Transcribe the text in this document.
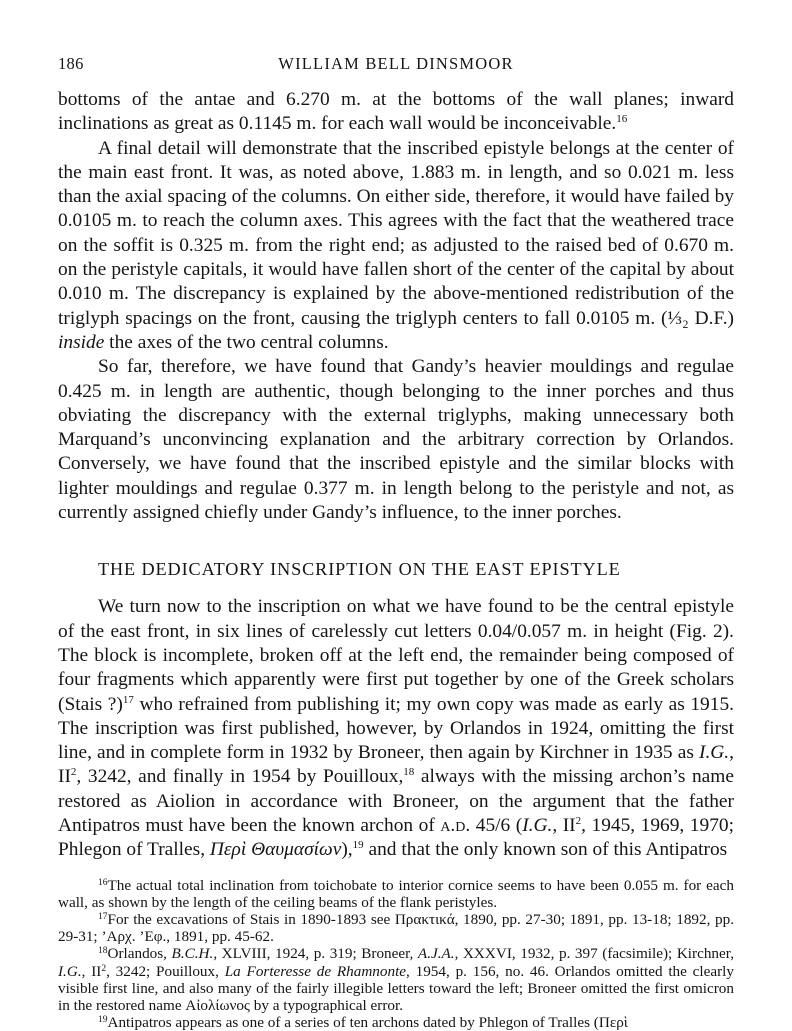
186	WILLIAM BELL DINSMOOR

bottoms of the antae and 6.270 m. at the bottoms of the wall planes; inward inclinations as great as 0.1145 m. for each wall would be inconceivable.$^{16}$

A final detail will demonstrate that the inscribed epistyle belongs at the center of the main east front. It was, as noted above, 1.883 m. in length, and so 0.021 m. less than the axial spacing of the columns. On either side, therefore, it would have failed by 0.0105 m. to reach the column axes. This agrees with the fact that the weathered trace on the soffit is 0.325 m. from the right end; as adjusted to the raised bed of 0.670 m. on the peristyle capitals, it would have fallen short of the center of the capital by about 0.010 m. The discrepancy is explained by the above-mentioned redistribution of the triglyph spacings on the front, causing the triglyph centers to fall 0.0105 m. (⅓₂ D.F.) inside the axes of the two central columns.

So far, therefore, we have found that Gandy’s heavier mouldings and regulae 0.425 m. in length are authentic, though belonging to the inner porches and thus obviating the discrepancy with the external triglyphs, making unnecessary both Marquand’s unconvincing explanation and the arbitrary correction by Orlandos. Conversely, we have found that the inscribed epistyle and the similar blocks with lighter mouldings and regulae 0.377 m. in length belong to the peristyle and not, as currently assigned chiefly under Gandy’s influence, to the inner porches.

THE DEDICATORY INSCRIPTION ON THE EAST EPISTYLE

We turn now to the inscription on what we have found to be the central epistyle of the east front, in six lines of carelessly cut letters 0.04/0.057 m. in height (Fig. 2). The block is incomplete, broken off at the left end, the remainder being composed of four fragments which apparently were first put together by one of the Greek scholars (Stais ?)$^{17}$ who refrained from publishing it; my own copy was made as early as 1915. The inscription was first published, however, by Orlandos in 1924, omitting the first line, and in complete form in 1932 by Broneer, then again by Kirchner in 1935 as I.G., $II^2$, 3242, and finally in 1954 by Pouilloux,$^{18}$ always with the missing archon’s name restored as Aiolion in accordance with Broneer, on the argument that the father Antipatros must have been the known archon of a.d. 45/6 (I.G., $II^2$, 1945, 1969, 1970; Phlegon of Tralles, Περὶ Θαυμασίων),$^{19}$ and that the only known son of this Antipatros

$^{16}$The actual total inclination from toichobate to interior cornice seems to have been 0.055 m. for each wall, as shown by the length of the ceiling beams of the flank peristyles.

$^{17}$For the excavations of Stais in 1890-1893 see Πρακτικά, 1890, pp. 27-30; 1891, pp. 13-18; 1892, pp. 29-31; ’Αρχ. ’Εφ., 1891, pp. 45-62.

$^{18}$Orlandos, B.C.H., XLVIII, 1924, p. 319; Broneer, A.J.A., XXXVI, 1932, p. 397 (facsimile); Kirchner, I.G., $II^2$, 3242; Pouilloux, La Forteresse de Rhamnonte, 1954, p. 156, no. 46. Orlandos omitted the clearly visible first line, and also many of the fairly illegible letters toward the left; Broneer omitted the first omicron in the restored name Αἰολίωνος by a typographical error.

$^{19}$Antipatros appears as one of a series of ten archons dated by Phlegon of Tralles (Περὶ
